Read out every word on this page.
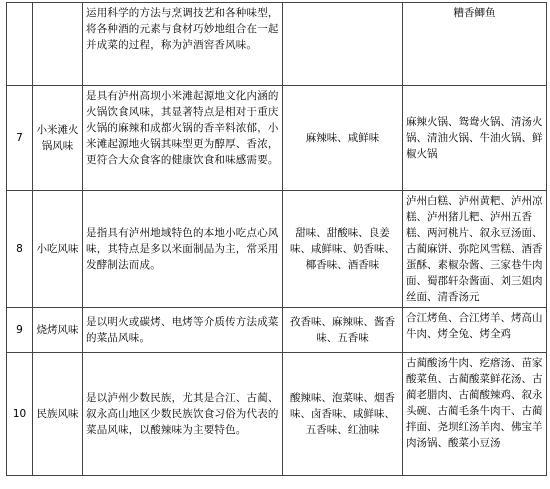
		运用科学的方法与烹调技艺和各种味型，将各种酒的元素与食材巧妙地组合在一起并成菜的过程，称为泸酒窖香风味。		糟香鲫鱼

7	小米滩火锅风味	是具有泸州高坝小米滩起源地文化内涵的火锅饮食风味，其显著特点是相对于重庆火锅的麻辣和成都火锅的香辛料浓郁，小米滩起源地火锅其味型更为醇厚、香浓，更符合大众食客的健康饮食和味感需要。	麻辣味、咸鲜味	麻辣火锅、鸳鸯火锅、清汤火锅、清油火锅、牛油火锅、鲜椒火锅
8	小吃风味	是指具有泸州地域特色的本地小吃点心风味，其特点是多以米面制品为主，常采用发酵制法而成。	甜味、甜酸味、良姜味、咸鲜味、奶香味、椰香味、酒香味	泸州白糕、泸州黄粑、泸州凉糕、泸州猪儿粑、泸州五香糕、两河桃片、叙永豆汤面、古蔺麻饼、弥陀风雪糕、酒香蛋酥、素椒杂酱、三家巷牛肉面、蜀郡轩杂酱面、刘三姐肉丝面、清香汤元
9	烧烤风味	是以明火或碳烤、电烤等介质传方法成菜的菜品风味。	孜香味、麻辣味、酱香味、五香味	合江烤鱼、合江烤羊、烤高山牛肉、烤全兔、烤全鸡
10	民族风味	是以泸州少数民族，尤其是合江、古蔺、叙永高山地区少数民族饮食习俗为代表的菜品风味，以酸辣味为主要特色。	酸辣味、泡菜味、烟香味、卤香味、咸鲜味、五香味、红油味	古蔺酸汤牛肉、疙瘩汤、苗家酸菜鱼、古蔺酸菜鲜花汤、古蔺老腊肉、古蔺酸辣鸡、叙永头碗、古蔺毛条牛肉干、古蔺拌面、尧坝红汤羊肉、佛宝羊肉汤锅、酸菜小豆汤
